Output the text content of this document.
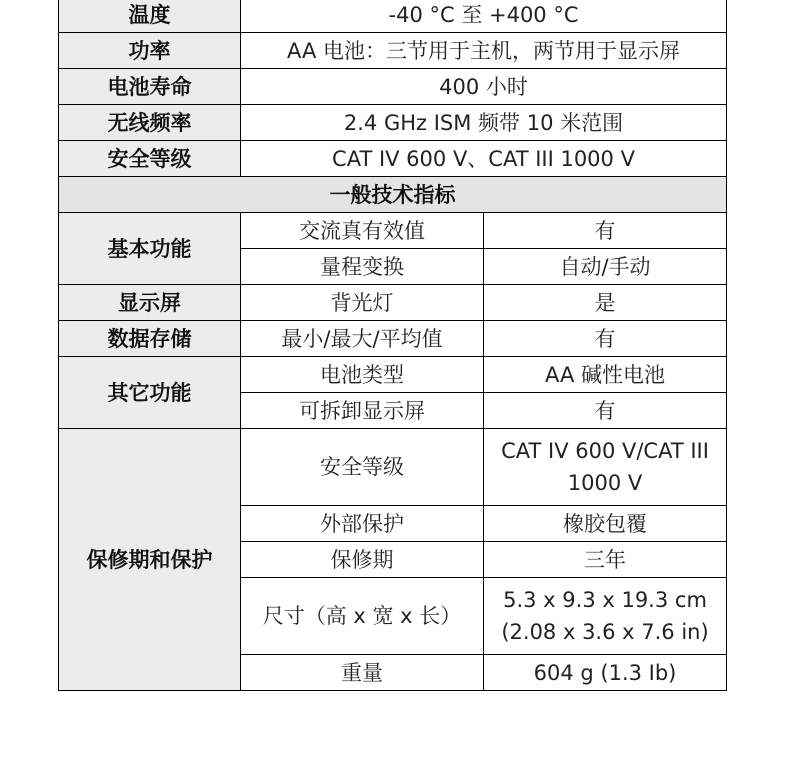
温度	-40 °C 至 +400 °C	
功率	AA 电池：三节用于主机，两节用于显示屏	
电池寿命	400 小时	
无线频率	2.4 GHz ISM 频带 10 米范围	
安全等级	CAT IV 600 V、CAT III 1000 V	
一般技术指标		
基本功能	交流真有效值	有
	量程变换	自动/手动
显示屏	背光灯	是
数据存储	最小/最大/平均值	有
其它功能	电池类型	AA 碱性电池
	可拆卸显示屏	有
保修期和保护	安全等级	CAT IV 600 V/CAT III 1000 V
	外部保护	橡胶包覆
	保修期	三年
	尺寸（高 x 宽 x 长）	5.3 x 9.3 x 19.3 cm (2.08 x 3.6 x 7.6 in)
	重量	604 g (1.3 Ib)
